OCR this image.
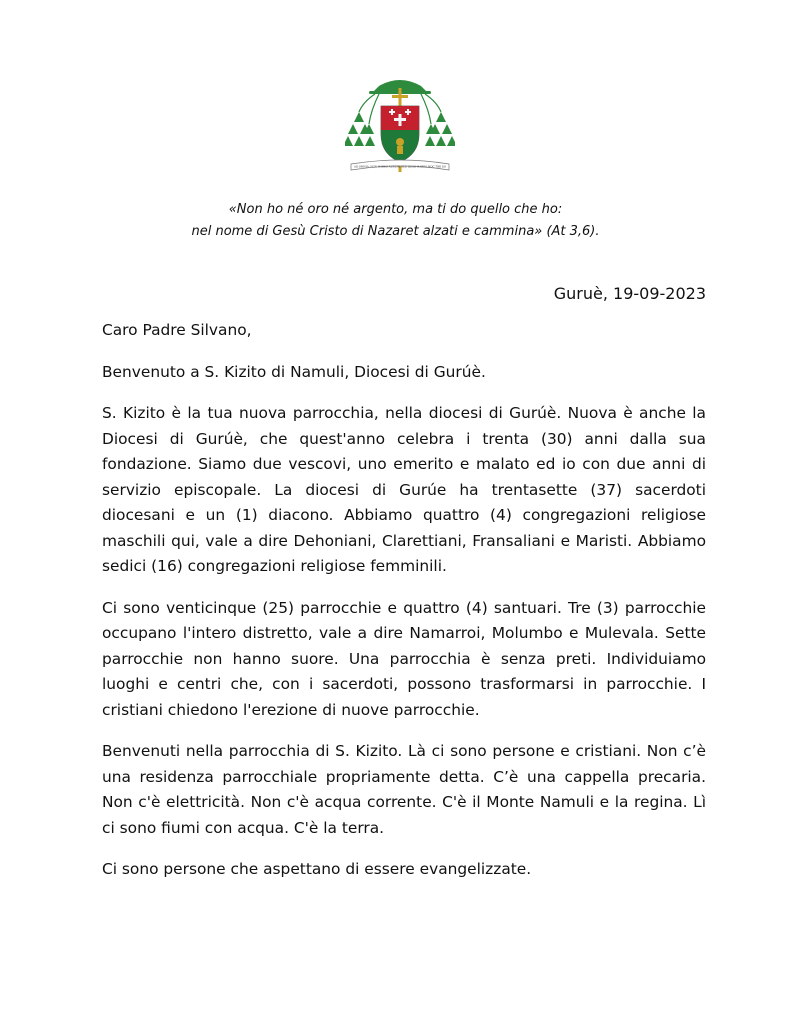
AD OMNIA, NON HABEO AURUM, SED QUOD HABEO HOC TIBI DO
«Non ho né oro né argento, ma ti do quello che ho:
nel nome di Gesù Cristo di Nazaret alzati e cammina» (At 3,6).
Guruè, 19-09-2023

Caro Padre Silvano,

Benvenuto a S. Kizito di Namuli, Diocesi di Gurúè.

S. Kizito è la tua nuova parrocchia, nella diocesi di Gurúè. Nuova è anche la Diocesi di Gurúè, che quest'anno celebra i trenta (30) anni dalla sua fondazione. Siamo due vescovi, uno emerito e malato ed io con due anni di servizio episcopale. La diocesi di Gurúe ha trentasette (37) sacerdoti diocesani e un (1) diacono. Abbiamo quattro (4) congregazioni religiose maschili qui, vale a dire Dehoniani, Clarettiani, Fransaliani e Maristi. Abbiamo sedici (16) congregazioni religiose femminili.

Ci sono venticinque (25) parrocchie e quattro (4) santuari. Tre (3) parrocchie occupano l'intero distretto, vale a dire Namarroi, Molumbo e Mulevala. Sette parrocchie non hanno suore. Una parrocchia è senza preti. Individuiamo luoghi e centri che, con i sacerdoti, possono trasformarsi in parrocchie. I cristiani chiedono l'erezione di nuove parrocchie.

Benvenuti nella parrocchia di S. Kizito. Là ci sono persone e cristiani. Non c’è una residenza parrocchiale propriamente detta. C’è una cappella precaria. Non c'è elettricità. Non c'è acqua corrente. C'è il Monte Namuli e la regina. Lì ci sono fiumi con acqua. C'è la terra.

Ci sono persone che aspettano di essere evangelizzate.
